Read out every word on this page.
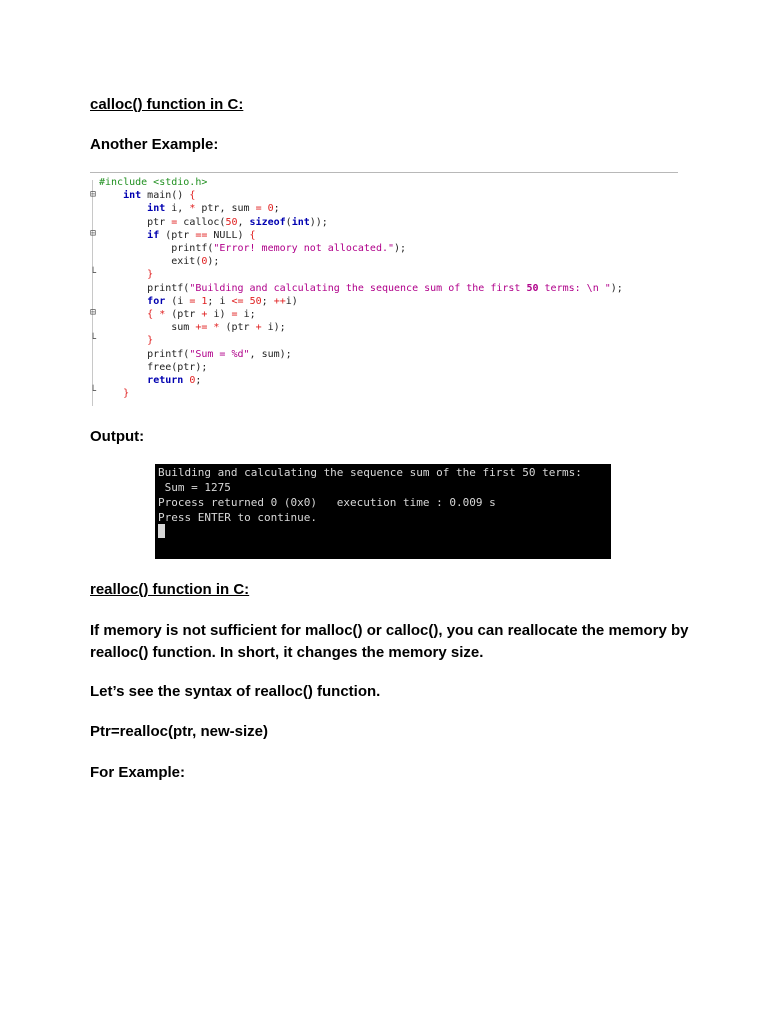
calloc() function in C:

Another Example:

⊟
⊟
└
⊟
└
└
#include <stdio.h>
int main() {
int i, * ptr, sum = 0;
ptr = calloc(50, sizeof(int));
if (ptr == NULL) {
printf("Error! memory not allocated.");
exit(0);
}
printf("Building and calculating the sequence sum of the first 50 terms: \n ");
for (i = 1; i <= 50; ++i)
{ * (ptr + i) = i;
sum += * (ptr + i);
}
printf("Sum = %d", sum);
free(ptr);
return 0;
}

Output:

Building and calculating the sequence sum of the first 50 terms:
Sum = 1275
Process returned 0 (0x0)   execution time : 0.009 s
Press ENTER to continue.

realloc() function in C:

If memory is not sufficient for malloc() or calloc(), you can reallocate the memory by realloc() function. In short, it changes the memory size.

Let’s see the syntax of realloc() function.

Ptr=realloc(ptr, new-size)

For Example:
